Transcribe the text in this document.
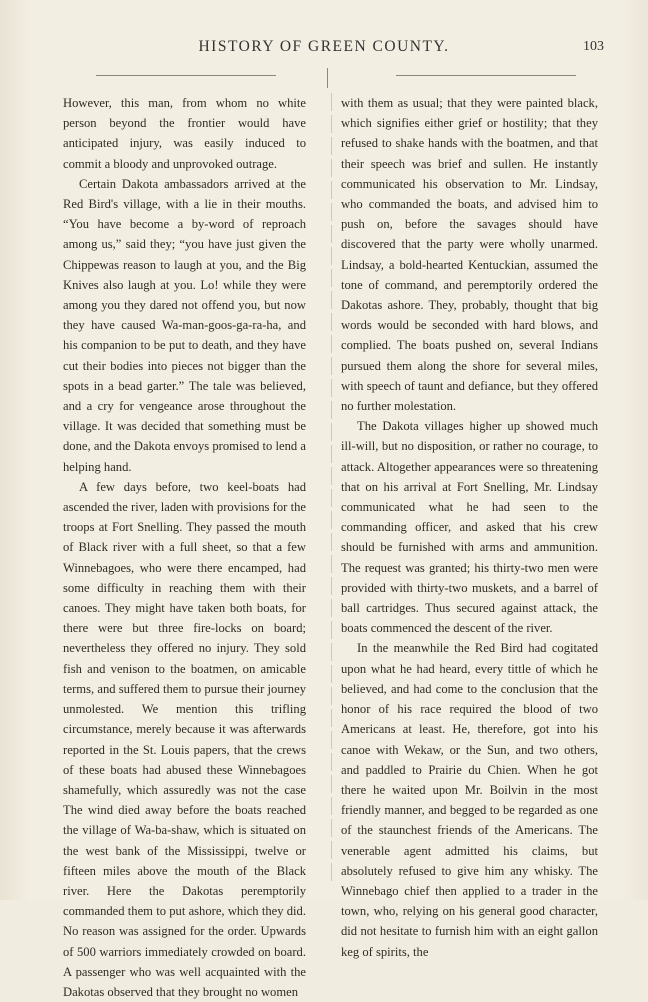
HISTORY OF GREEN COUNTY.	103

However, this man, from whom no white person beyond the frontier would have anticipated injury, was easily induced to commit a bloody and unprovoked outrage.

Certain Dakota ambassadors arrived at the Red Bird's village, with a lie in their mouths. “You have become a by-word of reproach among us,” said they; “you have just given the Chippewas reason to laugh at you, and the Big Knives also laugh at you. Lo! while they were among you they dared not offend you, but now they have caused Wa-man-goos-ga-ra-ha, and his companion to be put to death, and they have cut their bodies into pieces not bigger than the spots in a bead garter.” The tale was believed, and a cry for vengeance arose throughout the village. It was decided that something must be done, and the Dakota envoys promised to lend a helping hand.

A few days before, two keel-boats had ascended the river, laden with provisions for the troops at Fort Snelling. They passed the mouth of Black river with a full sheet, so that a few Winnebagoes, who were there encamped, had some difficulty in reaching them with their canoes. They might have taken both boats, for there were but three fire-locks on board; nevertheless they offered no injury. They sold fish and venison to the boatmen, on amicable terms, and suffered them to pursue their journey unmolested. We mention this trifling circumstance, merely because it was afterwards reported in the St. Louis papers, that the crews of these boats had abused these Winnebagoes shamefully, which assuredly was not the case The wind died away before the boats reached the village of Wa-ba-shaw, which is situated on the west bank of the Mississippi, twelve or fifteen miles above the mouth of the Black river. Here the Dakotas peremptorily commanded them to put ashore, which they did. No reason was assigned for the order. Upwards of 500 warriors immediately crowded on board. A passenger who was well acquainted with the Dakotas observed that they brought no women

with them as usual; that they were painted black, which signifies either grief or hostility; that they refused to shake hands with the boatmen, and that their speech was brief and sullen. He instantly communicated his observation to Mr. Lindsay, who commanded the boats, and advised him to push on, before the savages should have discovered that the party were wholly unarmed. Lindsay, a bold-hearted Kentuckian, assumed the tone of command, and peremptorily ordered the Dakotas ashore. They, probably, thought that big words would be seconded with hard blows, and complied. The boats pushed on, several Indians pursued them along the shore for several miles, with speech of taunt and defiance, but they offered no further molestation.

The Dakota villages higher up showed much ill-will, but no disposition, or rather no courage, to attack. Altogether appearances were so threatening that on his arrival at Fort Snelling, Mr. Lindsay communicated what he had seen to the commanding officer, and asked that his crew should be furnished with arms and ammunition. The request was granted; his thirty-two men were provided with thirty-two muskets, and a barrel of ball cartridges. Thus secured against attack, the boats commenced the descent of the river.

In the meanwhile the Red Bird had cogitated upon what he had heard, every tittle of which he believed, and had come to the conclusion that the honor of his race required the blood of two Americans at least. He, therefore, got into his canoe with Wekaw, or the Sun, and two others, and paddled to Prairie du Chien. When he got there he waited upon Mr. Boilvin in the most friendly manner, and begged to be regarded as one of the staunchest friends of the Americans. The venerable agent admitted his claims, but absolutely refused to give him any whisky. The Winnebago chief then applied to a trader in the town, who, relying on his general good character, did not hesitate to furnish him with an eight gallon keg of spirits, the
